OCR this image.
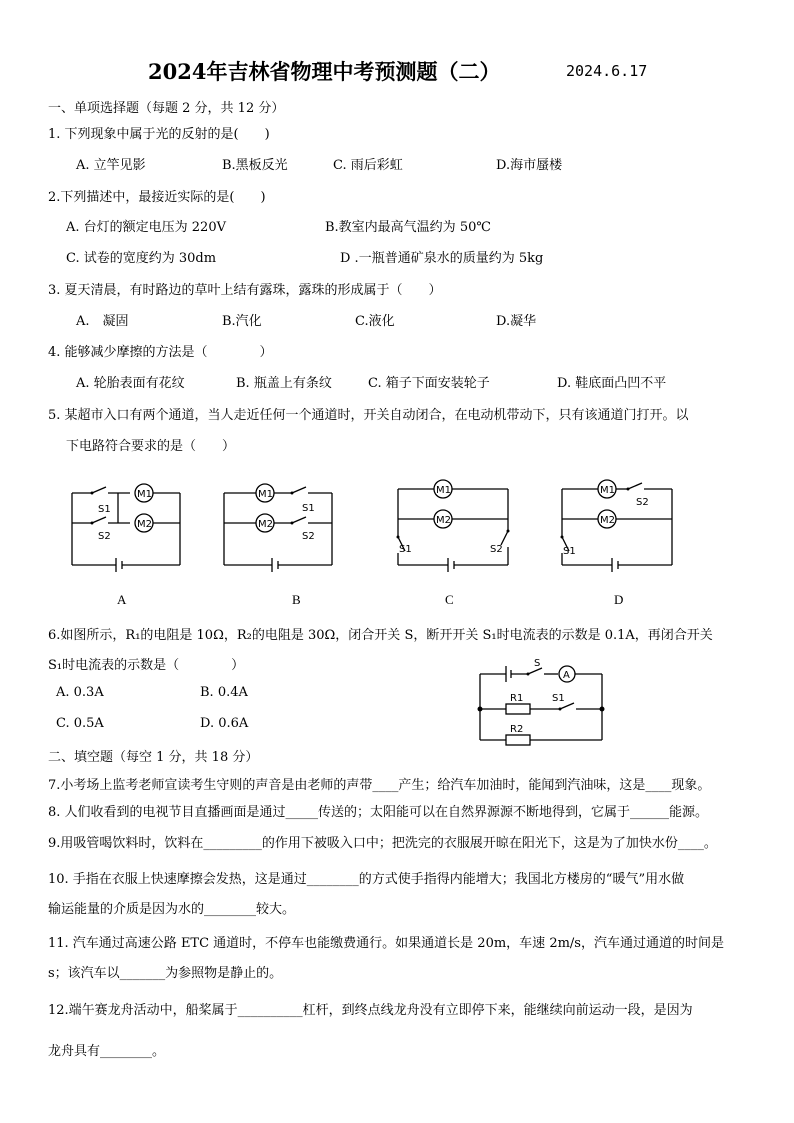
2024年吉林省物理中考预测题（二）	2024.6.17
一、单项选择题（每题 2 分，共 12 分）
1. 下列现象中属于光的反射的是(　　)
A. 立竿见影	B.黑板反光	C. 雨后彩虹	D.海市蜃楼
2.下列描述中，最接近实际的是(　　)
A. 台灯的额定电压为 220V	B.教室内最高气温约为 50℃
C. 试卷的宽度约为 30dm	D .一瓶普通矿泉水的质量约为 5kg
3. 夏天清晨，有时路边的草叶上结有露珠，露珠的形成属于（　　）
A.　凝固	B.汽化	C.液化	D.凝华
4. 能够减少摩擦的方法是（　　　　）
A. 轮胎表面有花纹	B. 瓶盖上有条纹	C. 箱子下面安装轮子	D. 鞋底面凸凹不平
5. 某超市入口有两个通道，当人走近任何一个通道时，开关自动闭合，在电动机带动下，只有该通道门打开。以
下电路符合要求的是（　　）
M1
M2
S1
S2
M1
M2
S1
S2
M1
M2
S1	S2
M1
S2
M2
S1
A	B	C	D
6.如图所示，R₁的电阻是 10Ω，R₂的电阻是 30Ω，闭合开关 S，断开开关 S₁时电流表的示数是 0.1A，再闭合开关
S₁时电流表的示数是（　　　　）
A. 0.3A	B. 0.4A
C. 0.5A	D. 0.6A
S
A
R1	S1
R2
二、填空题（每空 1 分，共 18 分）
7.小考场上监考老师宣读考生守则的声音是由老师的声带____产生；给汽车加油时，能闻到汽油味，这是____现象。
8. 人们收看到的电视节目直播画面是通过_____传送的；太阳能可以在自然界源源不断地得到，它属于______能源。
9.用吸管喝饮料时，饮料在_________的作用下被吸入口中；把洗完的衣服展开晾在阳光下，这是为了加快水份____。
10. 手指在衣服上快速摩擦会发热，这是通过________的方式使手指得内能增大；我国北方楼房的“暖气”用水做
输运能量的介质是因为水的________较大。
11. 汽车通过高速公路 ETC 通道时，不停车也能缴费通行。如果通道长是 20m，车速 2m/s，汽车通过通道的时间是
s；该汽车以_______为参照物是静止的。
12.端午赛龙舟活动中，船桨属于__________杠杆，到终点线龙舟没有立即停下来，能继续向前运动一段，是因为
龙舟具有________。
